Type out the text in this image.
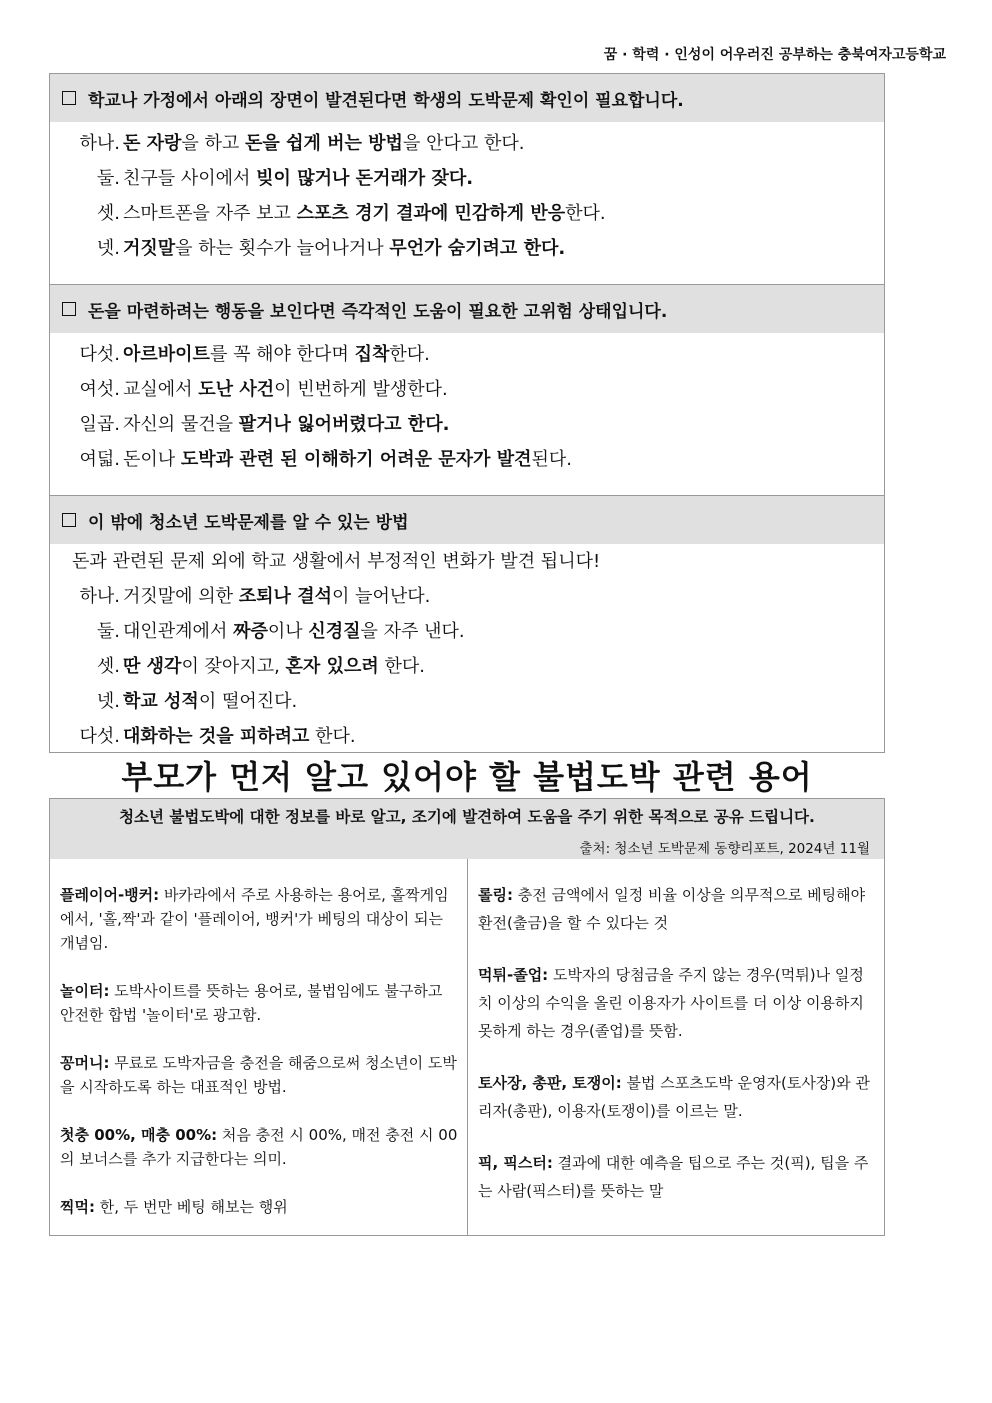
꿈 · 학력 · 인성이 어우러진 공부하는 충북여자고등학교
학교나 가정에서 아래의 장면이 발견된다면 학생의 도박문제 확인이 필요합니다.
하나. 돈 자랑을 하고 돈을 쉽게 버는 방법을 안다고 한다.
둘. 친구들 사이에서 빚이 많거나 돈거래가 잦다.
셋. 스마트폰을 자주 보고 스포츠 경기 결과에 민감하게 반응한다.
넷. 거짓말을 하는 횟수가 늘어나거나 무언가 숨기려고 한다.
돈을 마련하려는 행동을 보인다면 즉각적인 도움이 필요한 고위험 상태입니다.
다섯. 아르바이트를 꼭 해야 한다며 집착한다.
여섯. 교실에서 도난 사건이 빈번하게 발생한다.
일곱. 자신의 물건을 팔거나 잃어버렸다고 한다.
여덟. 돈이나 도박과 관련 된 이해하기 어려운 문자가 발견된다.
이 밖에 청소년 도박문제를 알 수 있는 방법
돈과 관련된 문제 외에 학교 생활에서 부정적인 변화가 발견 됩니다!
하나. 거짓말에 의한 조퇴나 결석이 늘어난다.
둘. 대인관계에서 짜증이나 신경질을 자주 낸다.
셋. 딴 생각이 잦아지고, 혼자 있으려 한다.
넷. 학교 성적이 떨어진다.
다섯. 대화하는 것을 피하려고 한다.
부모가 먼저 알고 있어야 할 불법도박 관련 용어
청소년 불법도박에 대한 정보를 바로 알고, 조기에 발견하여 도움을 주기 위한 목적으로 공유 드립니다.
출처: 청소년 도박문제 동향리포트, 2024년 11월
플레이어-뱅커: 바카라에서 주로 사용하는 용어로, 홀짝게임에서, '홀,짝'과 같이 '플레이어, 뱅커'가 베팅의 대상이 되는 개념임.
놀이터: 도박사이트를 뜻하는 용어로, 불법임에도 불구하고 안전한 합법 '놀이터'로 광고함.
꽁머니: 무료로 도박자금을 충전을 해줌으로써 청소년이 도박을 시작하도록 하는 대표적인 방법.
첫충 00%, 매충 00%: 처음 충전 시 00%, 매전 충전 시 00의 보너스를 추가 지급한다는 의미.
찍먹: 한, 두 번만 베팅 해보는 행위
롤링: 충전 금액에서 일정 비율 이상을 의무적으로 베팅해야 환전(출금)을 할 수 있다는 것
먹튀-졸업: 도박자의 당첨금을 주지 않는 경우(먹튀)나 일정 치 이상의 수익을 올린 이용자가 사이트를 더 이상 이용하지 못하게 하는 경우(졸업)를 뜻함.
토사장, 총판, 토쟁이: 불법 스포츠도박 운영자(토사장)와 관리자(총판), 이용자(토쟁이)를 이르는 말.
픽, 픽스터: 결과에 대한 예측을 팁으로 주는 것(픽), 팁을 주는 사람(픽스터)를 뜻하는 말
